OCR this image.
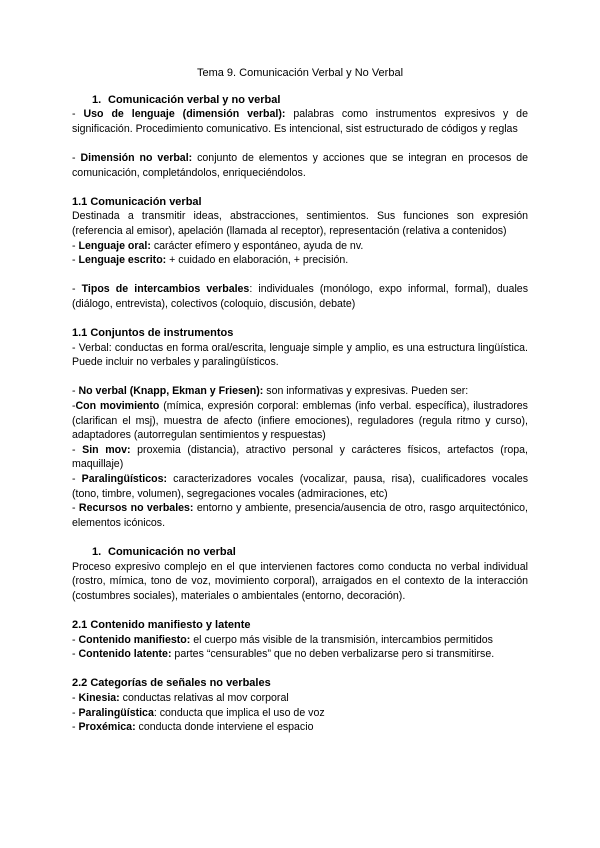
Tema 9. Comunicación Verbal y No Verbal
1. Comunicación verbal y no verbal

- Uso de lenguaje (dimensión verbal): palabras como instrumentos expresivos y de significación. Procedimiento comunicativo. Es intencional, sist estructurado de códigos y reglas

- Dimensión no verbal: conjunto de elementos y acciones que se integran en procesos de comunicación, completándolos, enriqueciéndolos.

1.1 Comunicación verbal

Destinada a transmitir ideas, abstracciones, sentimientos. Sus funciones son expresión (referencia al emisor), apelación (llamada al receptor), representación (relativa a contenidos)

- Lenguaje oral: carácter efímero y espontáneo, ayuda de nv.

- Lenguaje escrito: + cuidado en elaboración, + precisión.

- Tipos de intercambios verbales: individuales (monólogo, expo informal, formal), duales (diálogo, entrevista), colectivos (coloquio, discusión, debate)

1.1 Conjuntos de instrumentos

- Verbal: conductas en forma oral/escrita, lenguaje simple y amplio, es una estructura lingüística. Puede incluir no verbales y paralingüísticos.

- No verbal (Knapp, Ekman y Friesen): son informativas y expresivas. Pueden ser:

-Con movimiento (mímica, expresión corporal: emblemas (info verbal. específica), ilustradores (clarifican el msj), muestra de afecto (infiere emociones), reguladores (regula ritmo y curso), adaptadores (autorregulan sentimientos y respuestas)

- Sin mov: proxemia (distancia), atractivo personal y carácteres físicos, artefactos (ropa, maquillaje)

- Paralingüísticos: caracterizadores vocales (vocalizar, pausa, risa), cualificadores vocales (tono, timbre, volumen), segregaciones vocales (admiraciones, etc)

- Recursos no verbales: entorno y ambiente, presencia/ausencia de otro, rasgo arquitectónico, elementos icónicos.

1. Comunicación no verbal

Proceso expresivo complejo en el que intervienen factores como conducta no verbal individual (rostro, mímica, tono de voz, movimiento corporal), arraigados en el contexto de la interacción (costumbres sociales), materiales o ambientales (entorno, decoración).

2.1 Contenido manifiesto y latente

- Contenido manifiesto: el cuerpo más visible de la transmisión, intercambios permitidos

- Contenido latente: partes “censurables” que no deben verbalizarse pero si transmitirse.

2.2 Categorías de señales no verbales

- Kinesia: conductas relativas al mov corporal

- Paralingüística: conducta que implica el uso de voz

- Proxémica: conducta donde interviene el espacio
